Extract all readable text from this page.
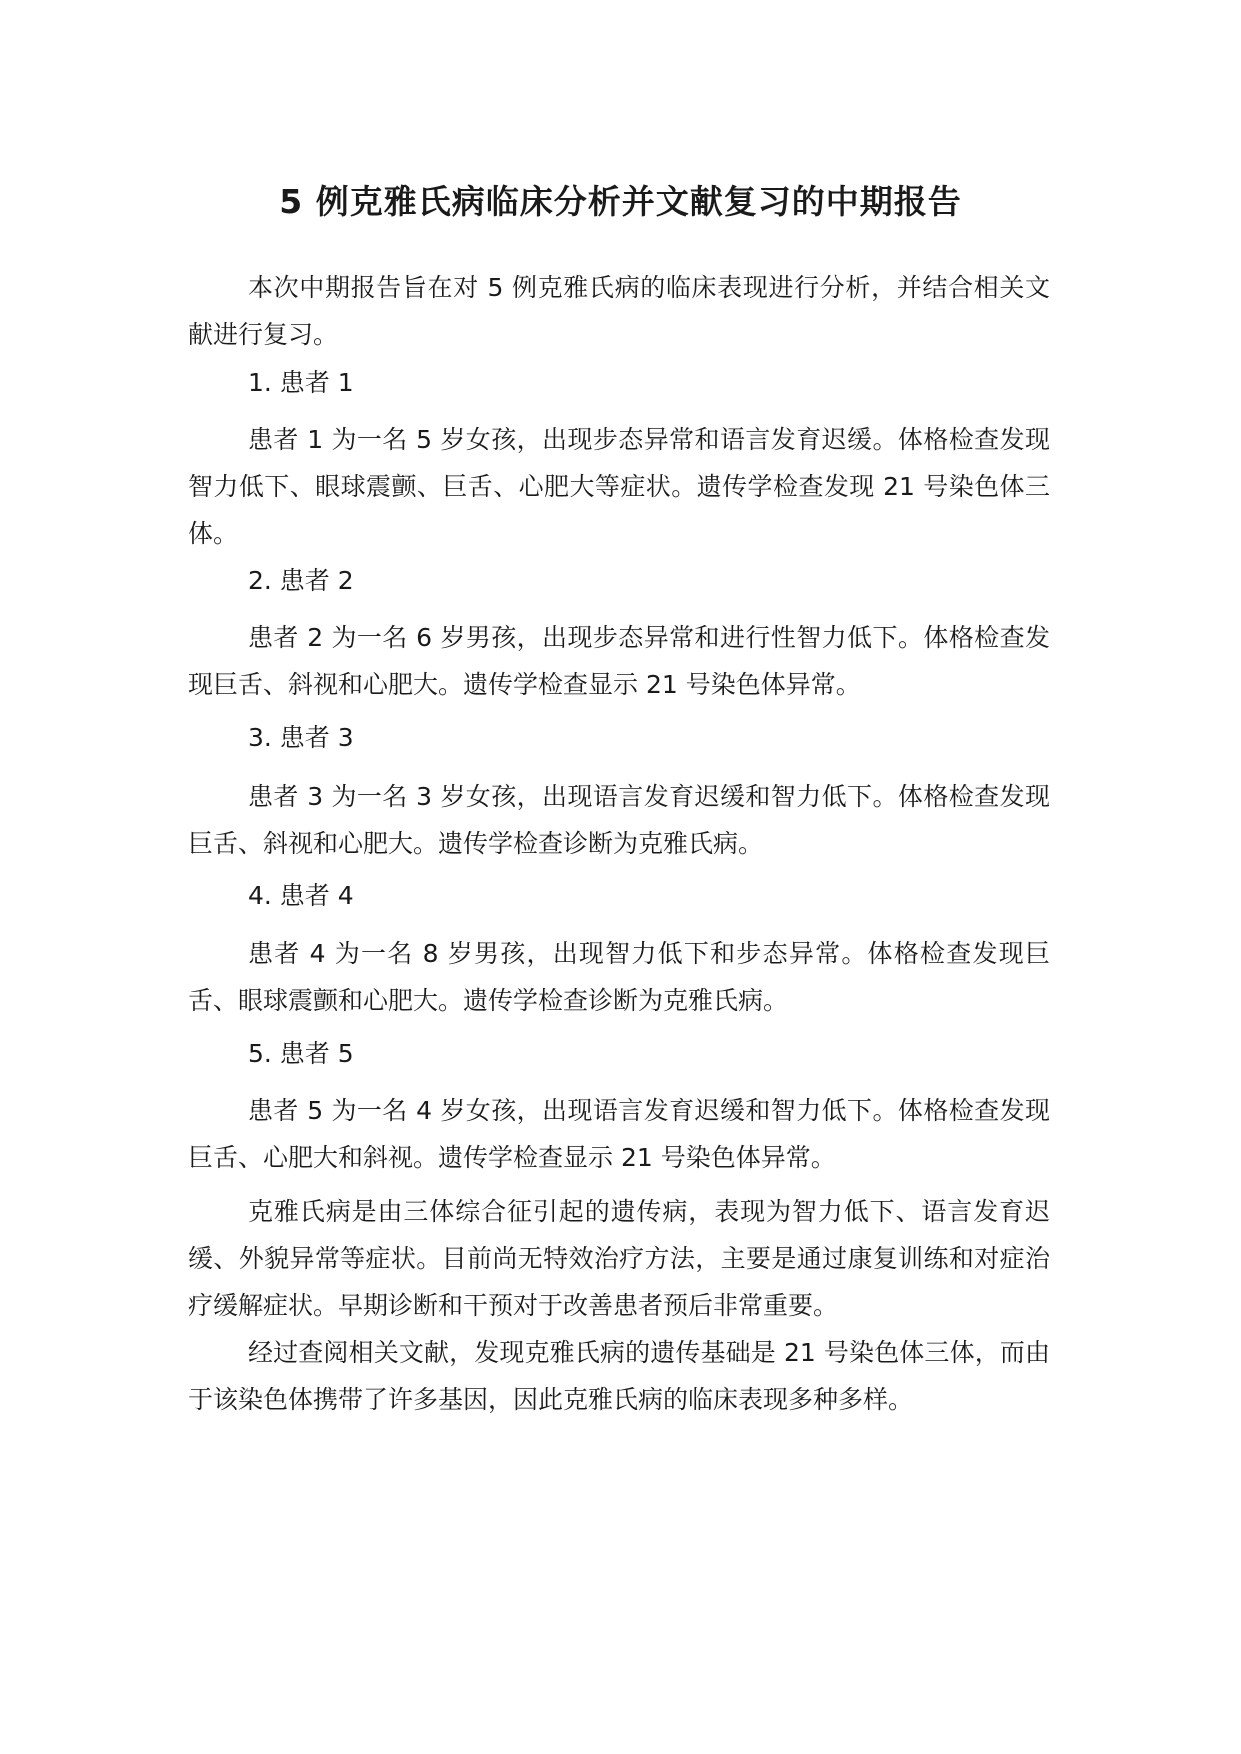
5 例克雅氏病临床分析并文献复习的中期报告

本次中期报告旨在对 5 例克雅氏病的临床表现进行分析，并结合相关文献进行复习。

1. 患者 1

患者 1 为一名 5 岁女孩，出现步态异常和语言发育迟缓。体格检查发现智力低下、眼球震颤、巨舌、心肥大等症状。遗传学检查发现 21 号染色体三体。

2. 患者 2

患者 2 为一名 6 岁男孩，出现步态异常和进行性智力低下。体格检查发现巨舌、斜视和心肥大。遗传学检查显示 21 号染色体异常。

3. 患者 3

患者 3 为一名 3 岁女孩，出现语言发育迟缓和智力低下。体格检查发现巨舌、斜视和心肥大。遗传学检查诊断为克雅氏病。

4. 患者 4

患者 4 为一名 8 岁男孩，出现智力低下和步态异常。体格检查发现巨舌、眼球震颤和心肥大。遗传学检查诊断为克雅氏病。

5. 患者 5

患者 5 为一名 4 岁女孩，出现语言发育迟缓和智力低下。体格检查发现巨舌、心肥大和斜视。遗传学检查显示 21 号染色体异常。

克雅氏病是由三体综合征引起的遗传病，表现为智力低下、语言发育迟缓、外貌异常等症状。目前尚无特效治疗方法，主要是通过康复训练和对症治疗缓解症状。早期诊断和干预对于改善患者预后非常重要。

经过查阅相关文献，发现克雅氏病的遗传基础是 21 号染色体三体，而由于该染色体携带了许多基因，因此克雅氏病的临床表现多种多样。
